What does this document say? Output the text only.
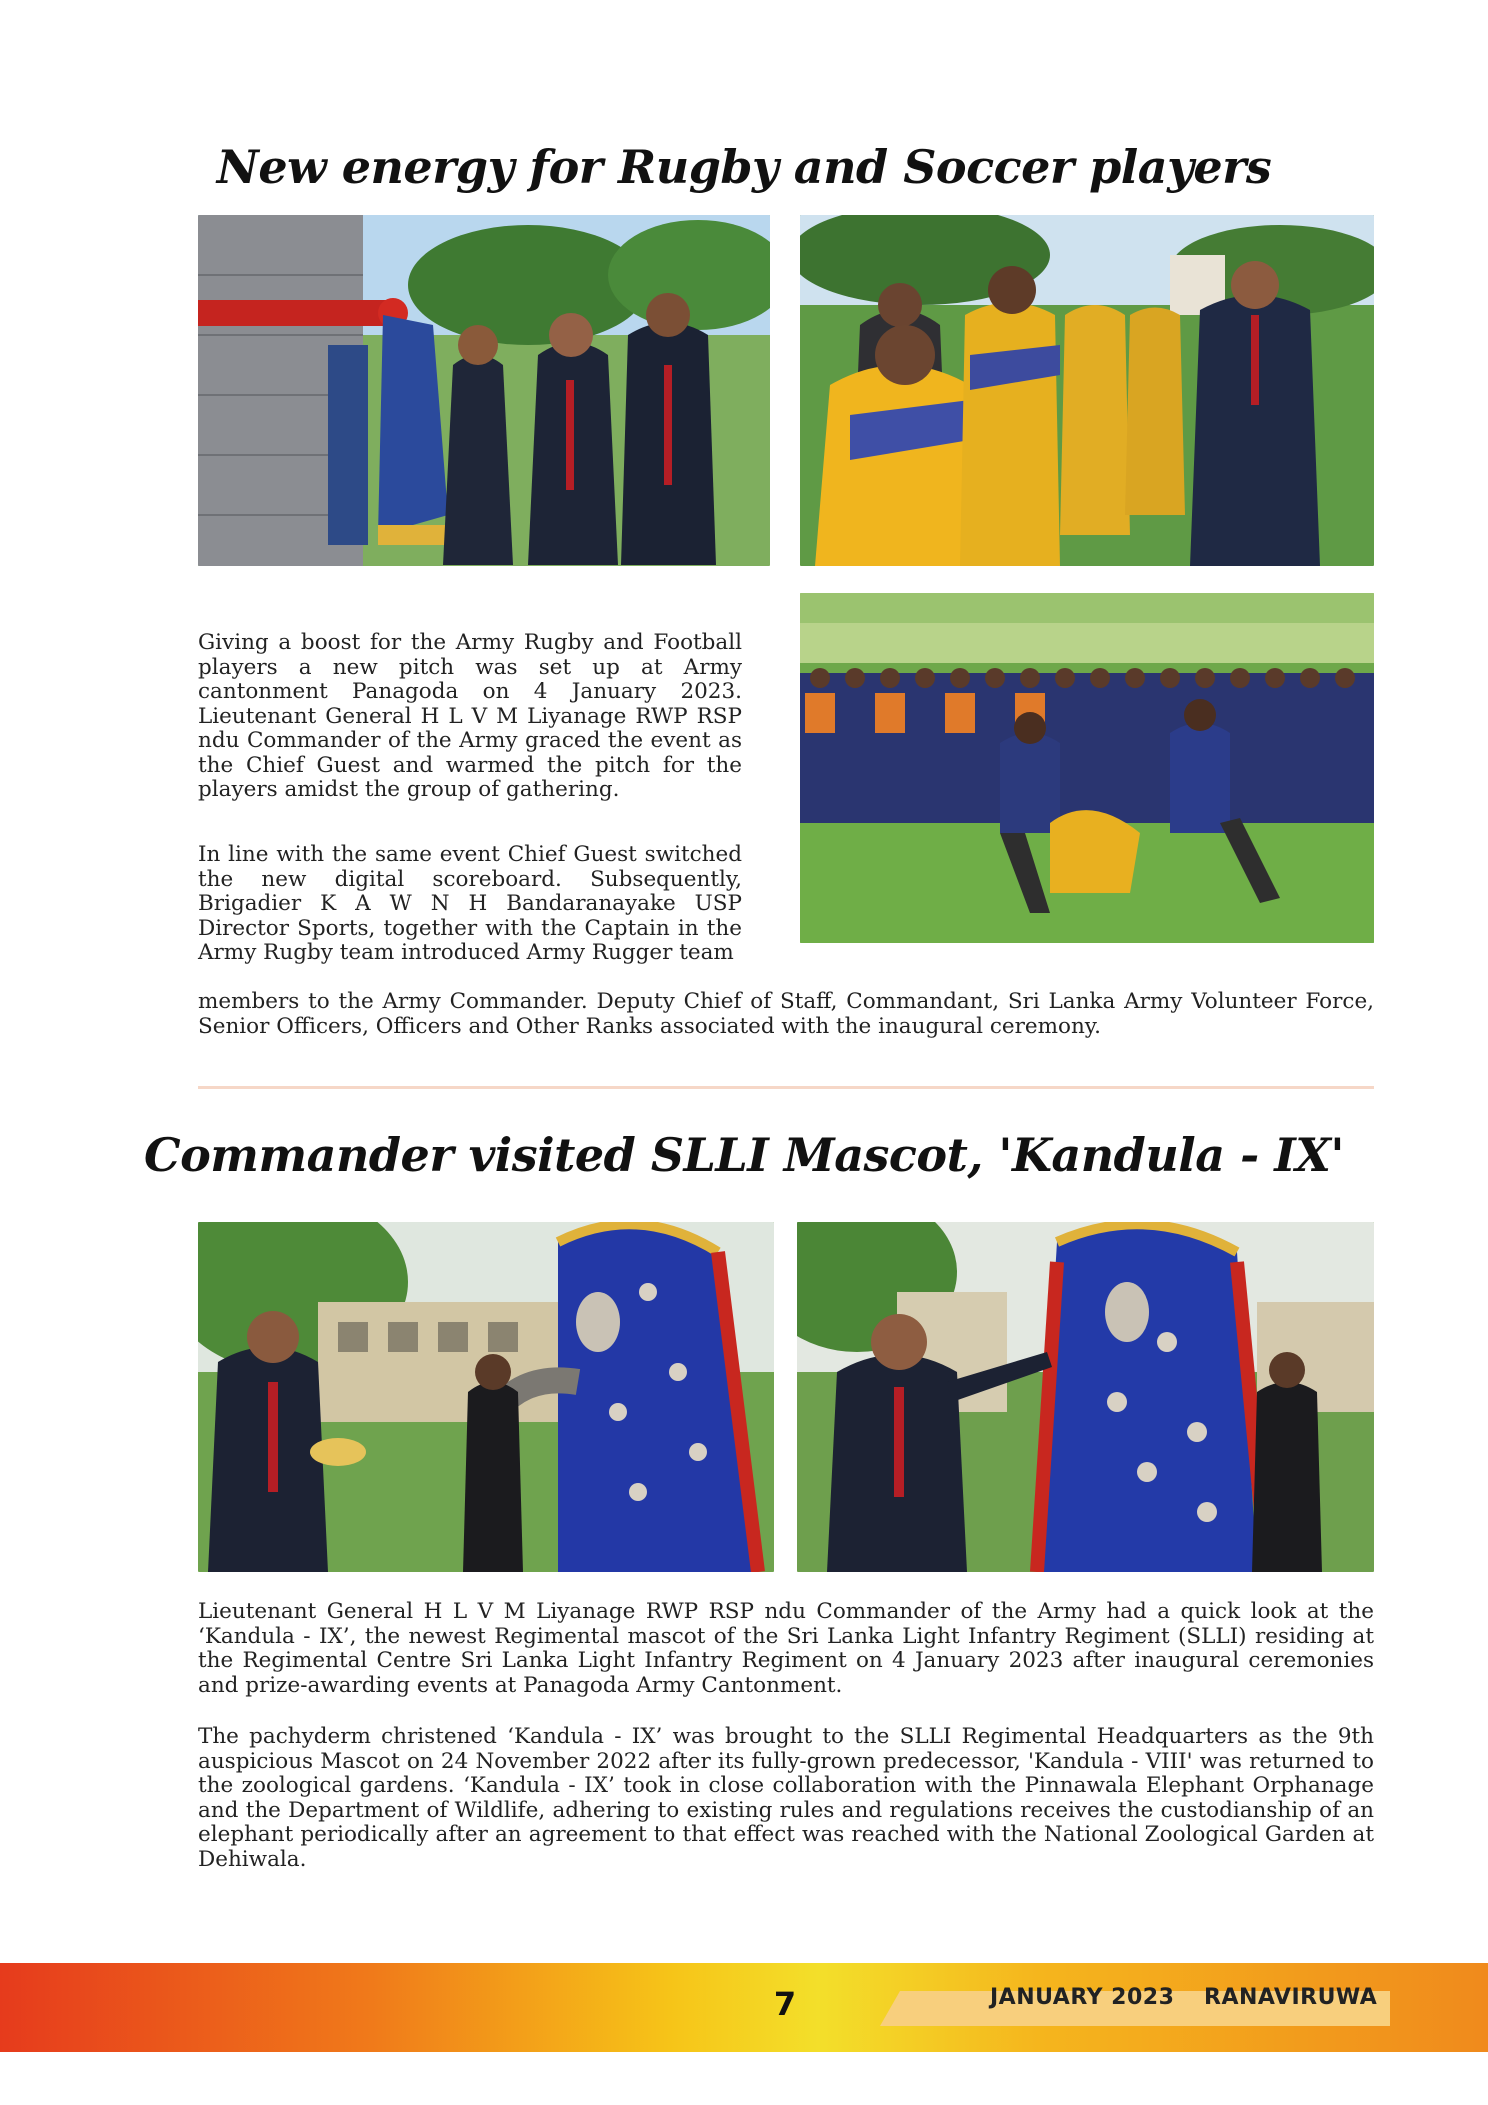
New energy for Rugby and Soccer players

Giving a boost for the Army Rugby and Football players a new pitch was set up at Army cantonment Panagoda on 4 January 2023. Lieutenant General H L V M Liyanage RWP RSP ndu Commander of the Army graced the event as the Chief Guest and warmed the pitch for the players amidst the group of gathering.

In line with the same event Chief Guest switched the new digital scoreboard. Subsequently, Brigadier K A W N H Bandaranayake USP Director Sports, together with the Captain in the Army Rugby team introduced Army Rugger team

members to the Army Commander. Deputy Chief of Staff, Commandant, Sri Lanka Army Volunteer Force, Senior Officers, Officers and Other Ranks associated with the inaugural ceremony.

Commander visited SLLI Mascot, 'Kandula - IX'

Lieutenant General H L V M Liyanage RWP RSP ndu Commander of the Army had a quick look at the ‘Kandula - IX’, the newest Regimental mascot of the Sri Lanka Light Infantry Regiment (SLLI) residing at the Regimental Centre Sri Lanka Light Infantry Regiment on 4 January 2023 after inaugural ceremonies and prize-awarding events at Panagoda Army Cantonment.

The pachyderm christened ‘Kandula - IX’ was brought to the SLLI Regimental Headquarters as the 9th auspicious Mascot on 24 November 2022 after its fully-grown predecessor, 'Kandula - VIII' was returned to the zoological gardens. ‘Kandula - IX’ took in close collaboration with the Pinnawala Elephant Orphanage and the Department of Wildlife, adhering to existing rules and regulations receives the custodianship of an elephant periodically after an agreement to that effect was reached with the National Zoological Garden at Dehiwala.

7	JANUARY 2023 RANAVIRUWA
